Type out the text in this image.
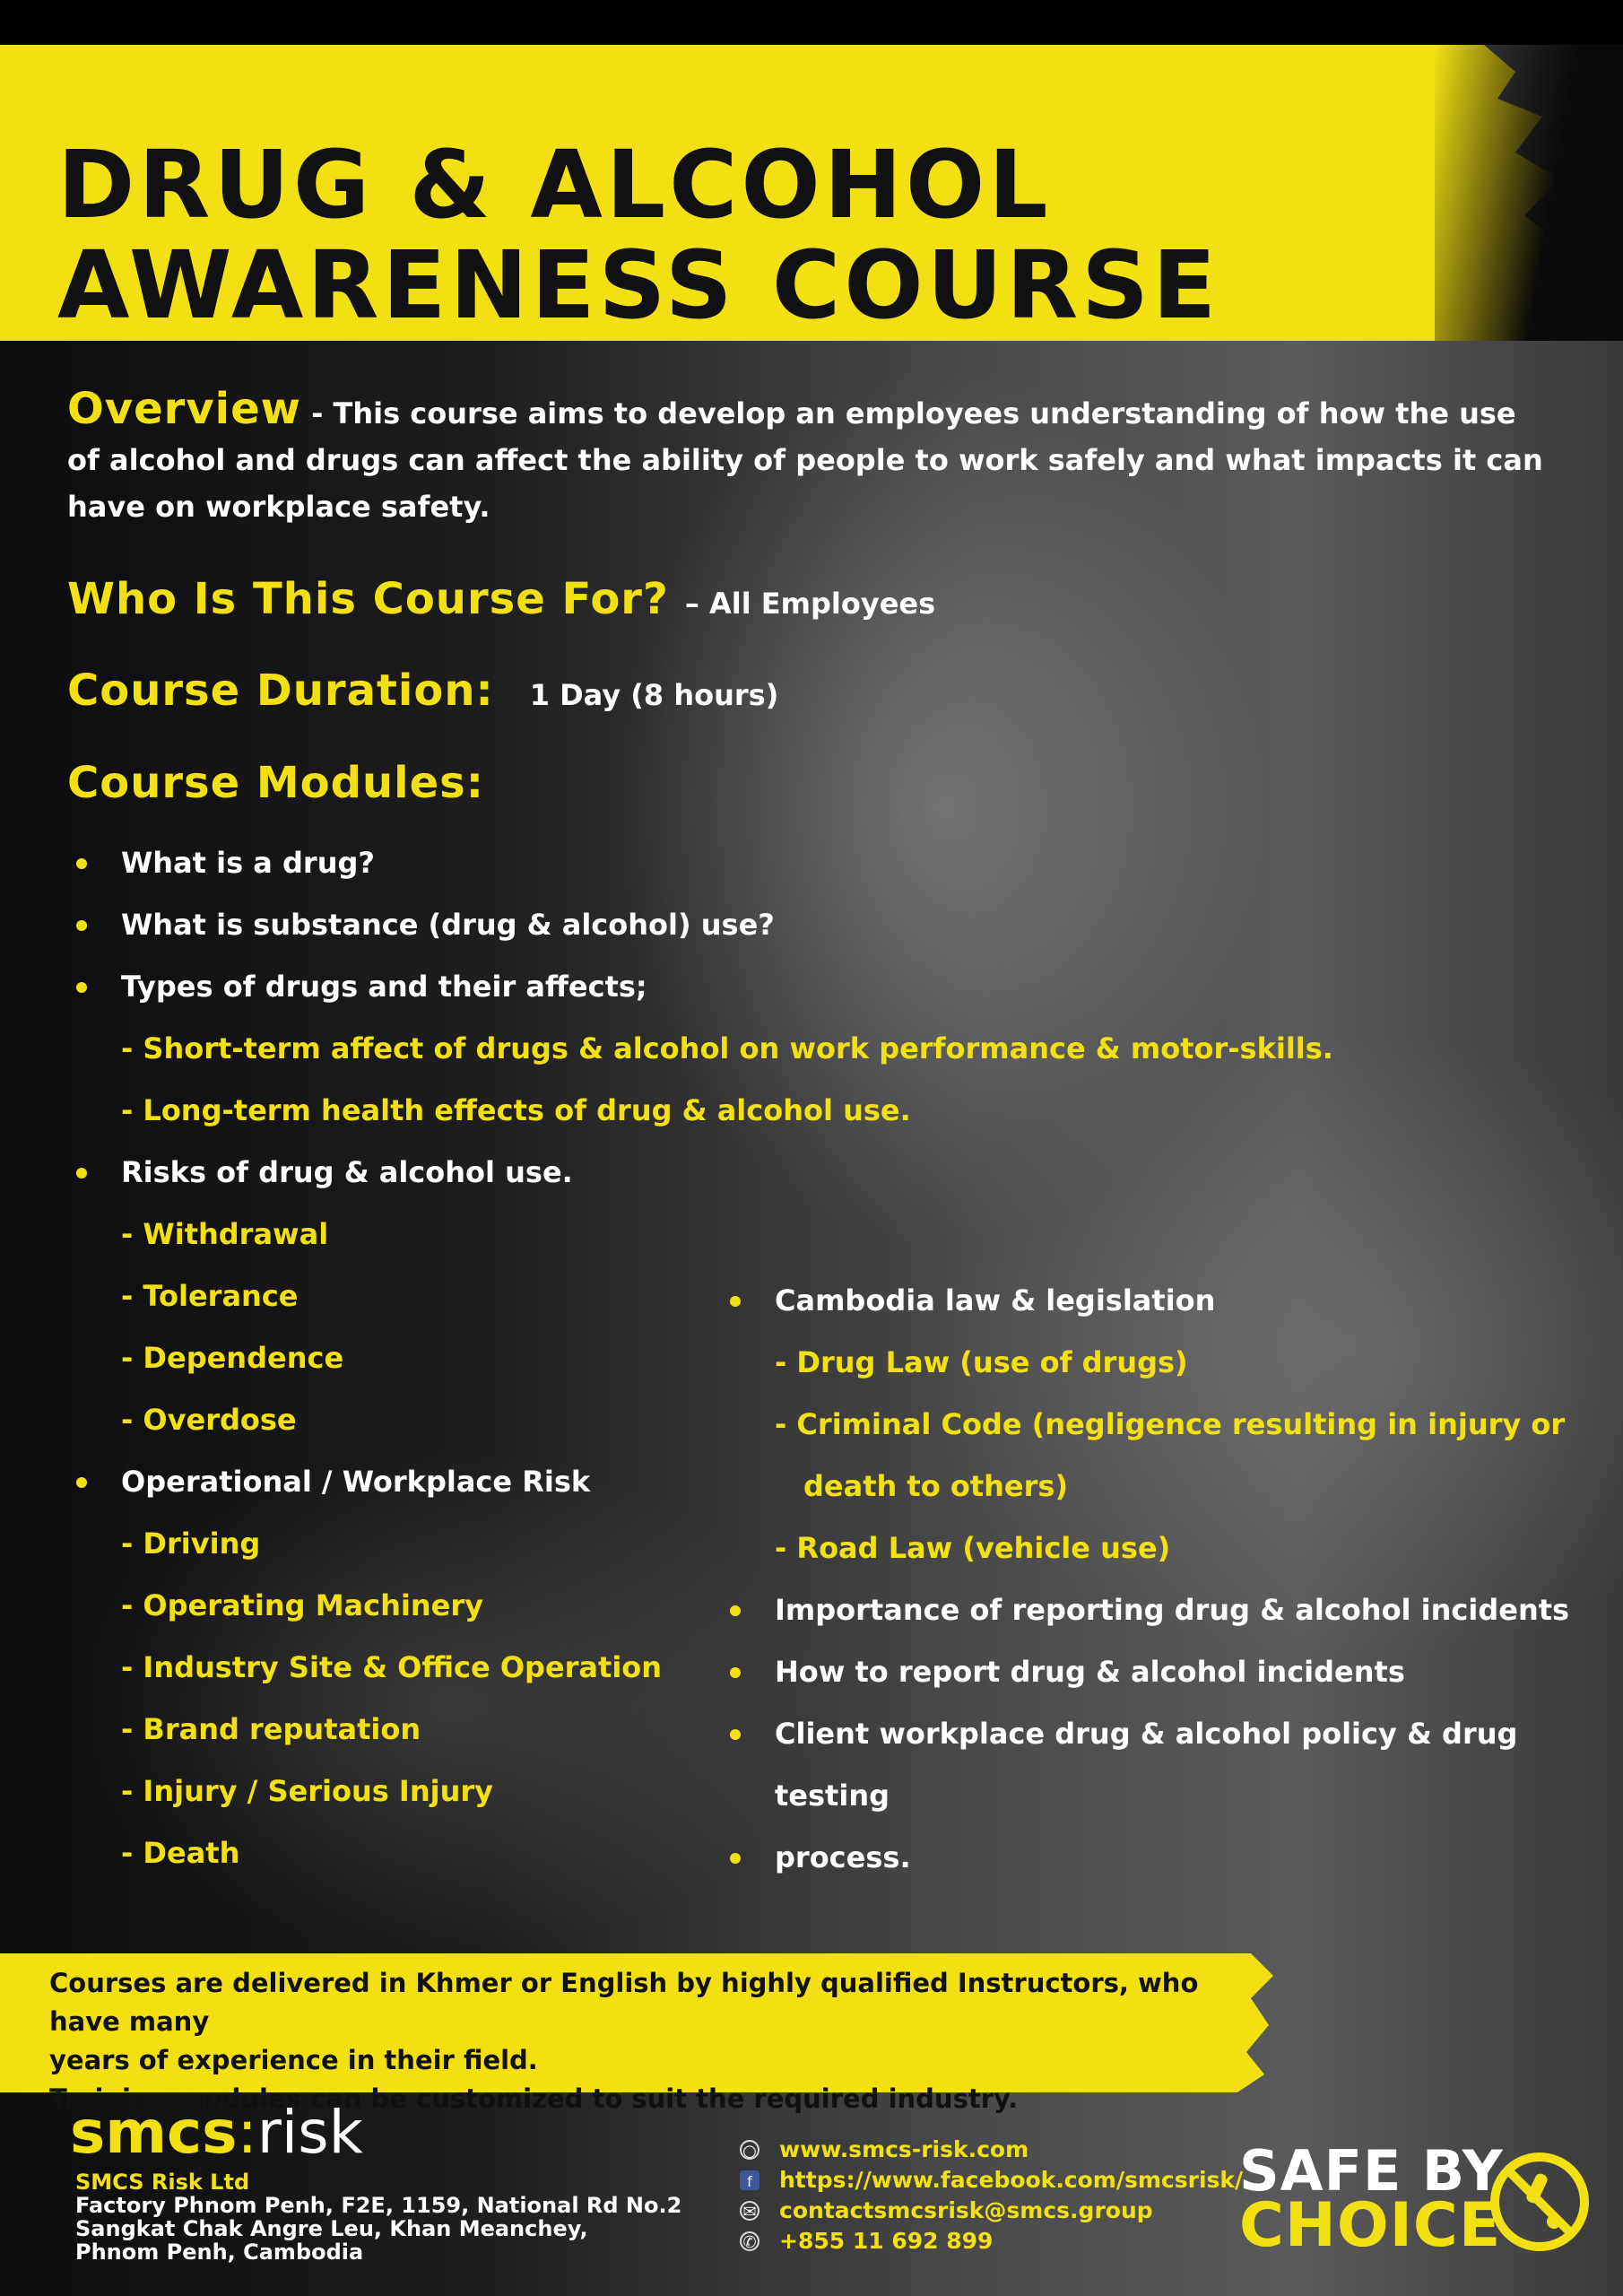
DRUG & ALCOHOL
AWARENESS COURSE

Overview - This course aims to develop an employees understanding of how the use of alcohol and drugs can affect the ability of people to work safely and what impacts it can have on workplace safety.

Who Is This Course For? – All Employees
Course Duration: 1 Day (8 hours)
Course Modules:
What is a drug?
What is substance (drug & alcohol) use?
Types of drugs and their affects;
- Short-term affect of drugs & alcohol on work performance & motor-skills.
- Long-term health effects of drug & alcohol use.
Risks of drug & alcohol use.
- Withdrawal
- Tolerance
- Dependence
- Overdose
Operational / Workplace Risk
- Driving
- Operating Machinery
- Industry Site & Office Operation
- Brand reputation
- Injury / Serious Injury
- Death
Cambodia law & legislation
- Drug Law (use of drugs)
- Criminal Code (negligence resulting in injury or
death to others)
- Road Law (vehicle use)
Importance of reporting drug & alcohol incidents
How to report drug & alcohol incidents
Client workplace drug & alcohol policy & drug testing
process.

Courses are delivered in Khmer or English by highly qualified Instructors, who have many
years of experience in their field.
Training modules can be customized to suit the required industry.

smcs:risk
SMCS Risk Ltd
Factory Phnom Penh, F2E, 1159, National Rd No.2
Sangkat Chak Angre Leu, Khan Meanchey,
Phnom Penh, Cambodia
○ www.smcs-risk.com
f	https://www.facebook.com/smcsrisk/
✉ contactsmcsrisk@smcs.group
✆ +855 11 692 899
SAFE BY
CHOICE
